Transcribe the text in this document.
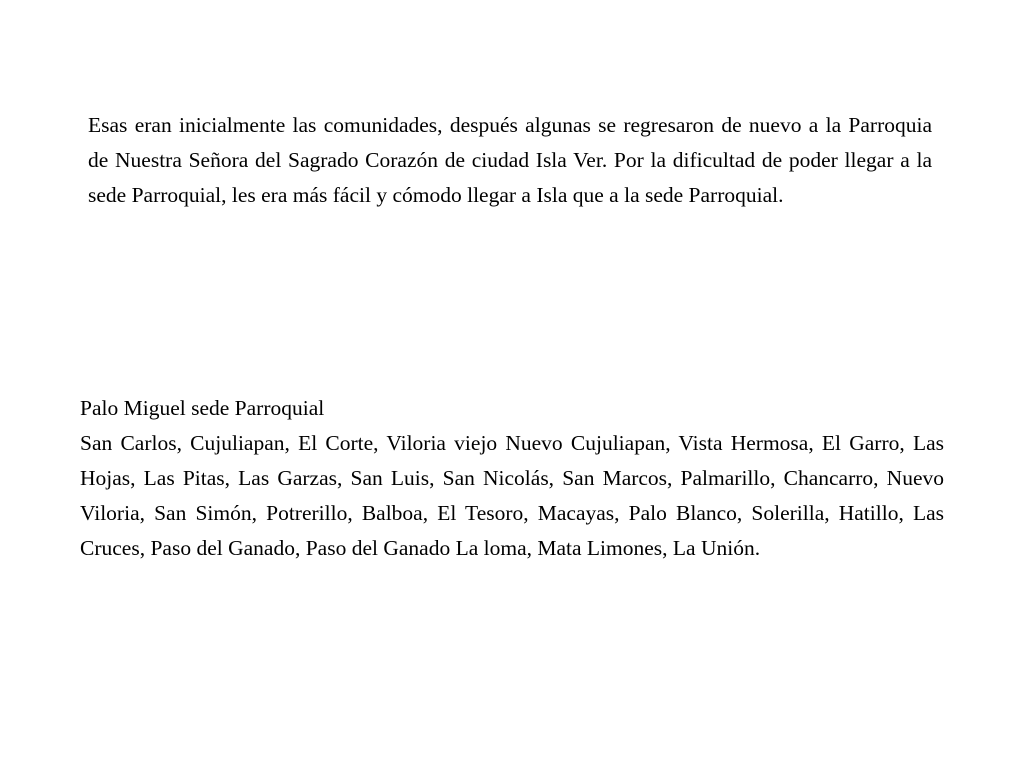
Esas eran inicialmente las comunidades, después algunas se regresaron de nuevo a la Parroquia de Nuestra Señora del Sagrado Corazón de ciudad Isla Ver. Por la dificultad de poder llegar a la sede Parroquial, les era más fácil y cómodo llegar a Isla que a la sede Parroquial.

Palo Miguel sede Parroquial
San Carlos, Cujuliapan, El Corte, Viloria viejo Nuevo Cujuliapan, Vista Hermosa, El Garro, Las Hojas, Las Pitas, Las Garzas, San Luis, San Nicolás, San Marcos, Palmarillo, Chancarro, Nuevo Viloria, San Simón, Potrerillo, Balboa, El Tesoro, Macayas, Palo Blanco, Solerilla, Hatillo, Las Cruces, Paso del Ganado, Paso del Ganado La loma, Mata Limones, La Unión.
